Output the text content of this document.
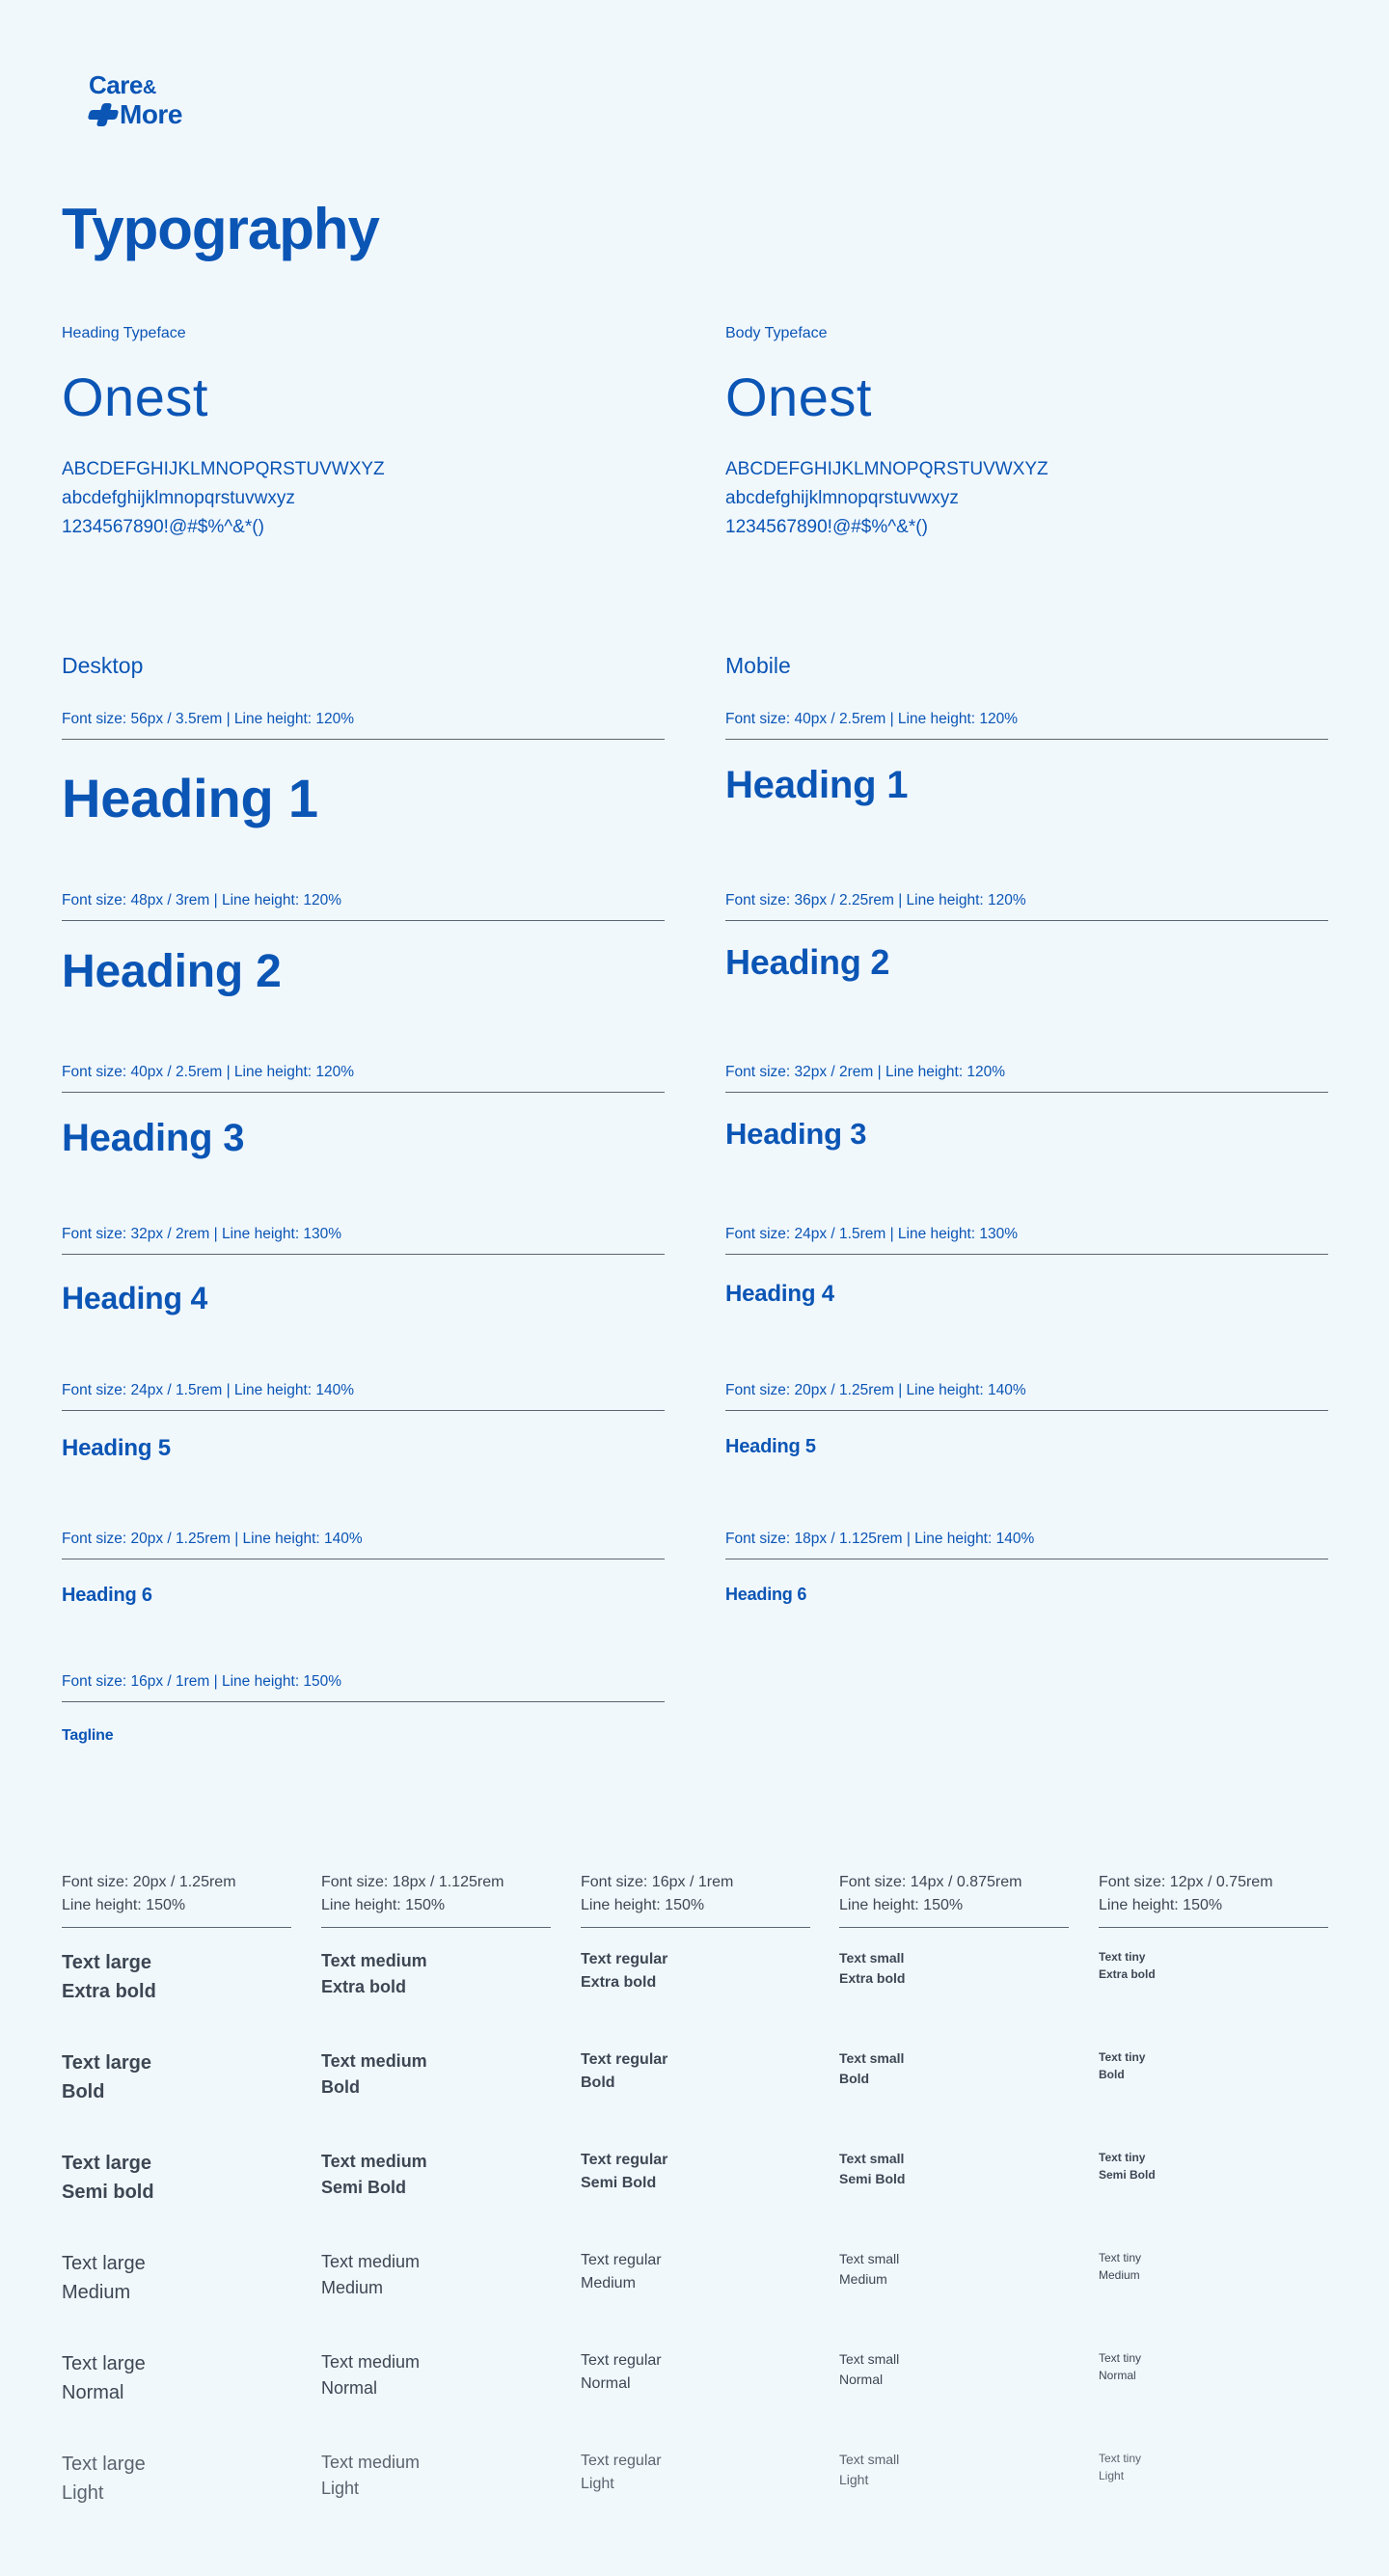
Care&
More
Typography
Heading Typeface
Onest
ABCDEFGHIJKLMNOPQRSTUVWXYZ
abcdefghijklmnopqrstuvwxyz
1234567890!@#$%^&*()
Body Typeface
Onest
ABCDEFGHIJKLMNOPQRSTUVWXYZ
abcdefghijklmnopqrstuvwxyz
1234567890!@#$%^&*()
Desktop
Font size: 56px / 3.5rem | Line height: 120%
Heading 1
Font size: 48px / 3rem | Line height: 120%
Heading 2
Font size: 40px / 2.5rem | Line height: 120%
Heading 3
Font size: 32px / 2rem | Line height: 130%
Heading 4
Font size: 24px / 1.5rem | Line height: 140%
Heading 5
Font size: 20px / 1.25rem | Line height: 140%
Heading 6
Font size: 16px / 1rem | Line height: 150%
Tagline
Mobile
Font size: 40px / 2.5rem | Line height: 120%
Heading 1
Font size: 36px / 2.25rem | Line height: 120%
Heading 2
Font size: 32px / 2rem | Line height: 120%
Heading 3
Font size: 24px / 1.5rem | Line height: 130%
Heading 4
Font size: 20px / 1.25rem | Line height: 140%
Heading 5
Font size: 18px / 1.125rem | Line height: 140%
Heading 6
Font size: 20px / 1.25rem
Line height: 150%
Text large
Extra bold
Text large
Bold
Text large
Semi bold
Text large
Medium
Text large
Normal
Text large
Light
Font size: 18px / 1.125rem
Line height: 150%
Text medium
Extra bold
Text medium
Bold
Text medium
Semi Bold
Text medium
Medium
Text medium
Normal
Text medium
Light
Font size: 16px / 1rem
Line height: 150%
Text regular
Extra bold
Text regular
Bold
Text regular
Semi Bold
Text regular
Medium
Text regular
Normal
Text regular
Light
Font size: 14px / 0.875rem
Line height: 150%
Text small
Extra bold
Text small
Bold
Text small
Semi Bold
Text small
Medium
Text small
Normal
Text small
Light
Font size: 12px / 0.75rem
Line height: 150%
Text tiny
Extra bold
Text tiny
Bold
Text tiny
Semi Bold
Text tiny
Medium
Text tiny
Normal
Text tiny
Light
